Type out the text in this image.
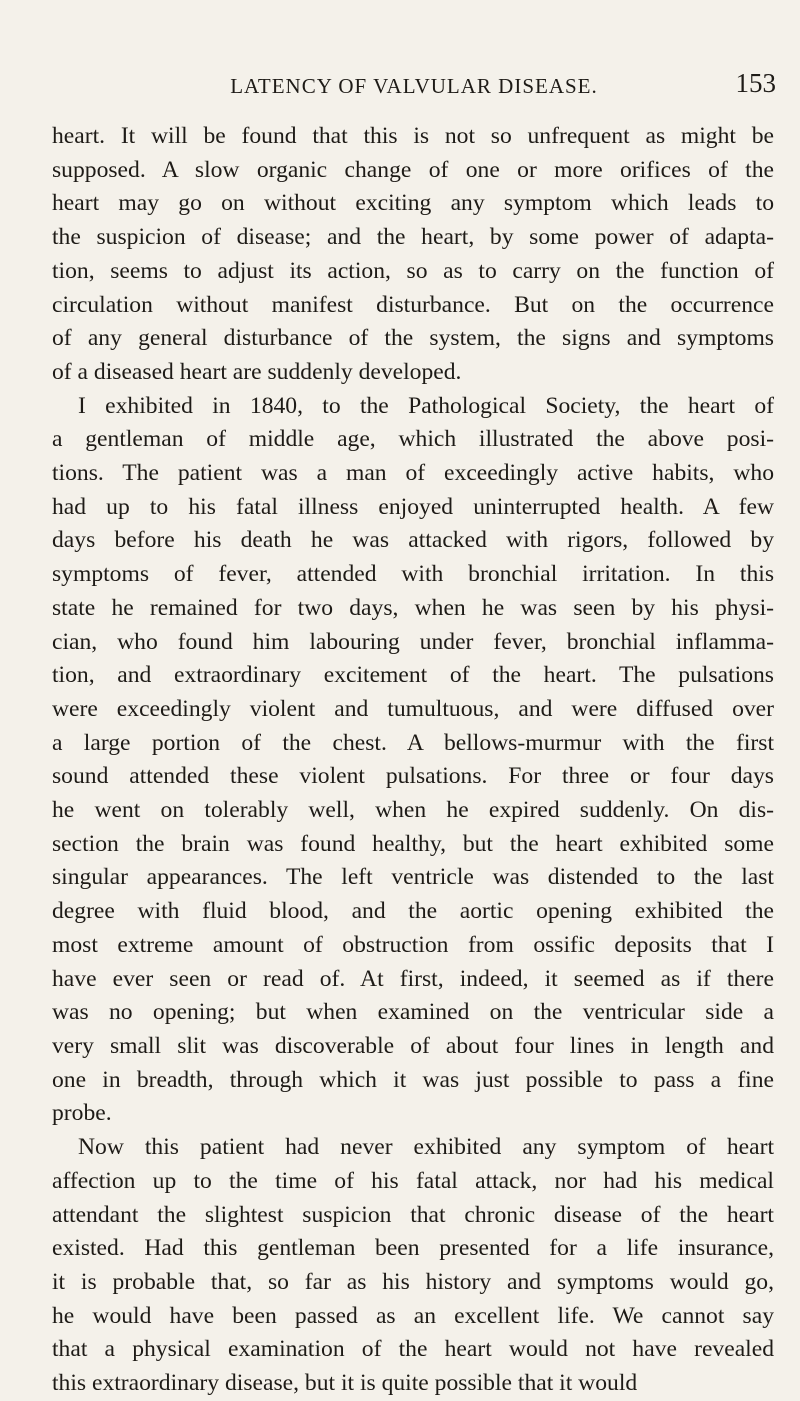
LATENCY OF VALVULAR DISEASE.	153
heart. It will be found that this is not so unfrequent as might be
supposed. A slow organic change of one or more orifices of the
heart may go on without exciting any symptom which leads to
the suspicion of disease; and the heart, by some power of adapta-
tion, seems to adjust its action, so as to carry on the function of
circulation without manifest disturbance. But on the occurrence
of any general disturbance of the system, the signs and symptoms
of a diseased heart are suddenly developed.
I exhibited in 1840, to the Pathological Society, the heart of
a gentleman of middle age, which illustrated the above posi-
tions. The patient was a man of exceedingly active habits, who
had up to his fatal illness enjoyed uninterrupted health. A few
days before his death he was attacked with rigors, followed by
symptoms of fever, attended with bronchial irritation. In this
state he remained for two days, when he was seen by his physi-
cian, who found him labouring under fever, bronchial inflamma-
tion, and extraordinary excitement of the heart. The pulsations
were exceedingly violent and tumultuous, and were diffused over
a large portion of the chest. A bellows-murmur with the first
sound attended these violent pulsations. For three or four days
he went on tolerably well, when he expired suddenly. On dis-
section the brain was found healthy, but the heart exhibited some
singular appearances. The left ventricle was distended to the last
degree with fluid blood, and the aortic opening exhibited the
most extreme amount of obstruction from ossific deposits that I
have ever seen or read of. At first, indeed, it seemed as if there
was no opening; but when examined on the ventricular side a
very small slit was discoverable of about four lines in length and
one in breadth, through which it was just possible to pass a fine
probe.
Now this patient had never exhibited any symptom of heart
affection up to the time of his fatal attack, nor had his medical
attendant the slightest suspicion that chronic disease of the heart
existed. Had this gentleman been presented for a life insurance,
it is probable that, so far as his history and symptoms would go,
he would have been passed as an excellent life. We cannot say
that a physical examination of the heart would not have revealed
this extraordinary disease, but it is quite possible that it would
